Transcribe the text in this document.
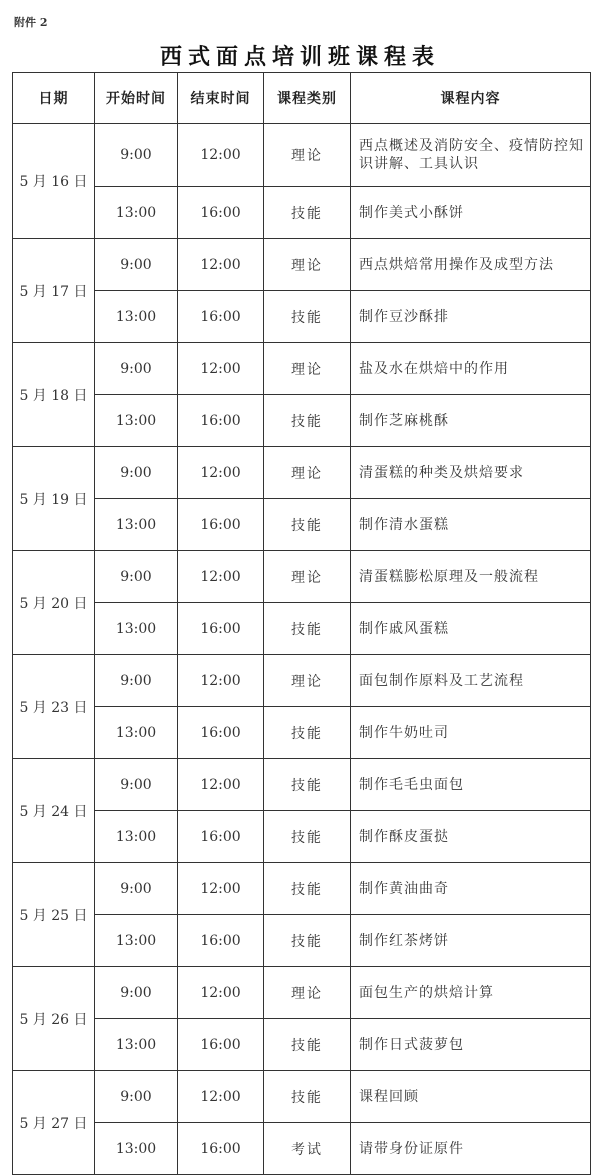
附件 2
西式面点培训班课程表
日期	开始时间	结束时间	课程类别	课程内容
5 月 16 日	9:00	12:00	理论	西点概述及消防安全、疫情防控知识讲解、工具认识
	13:00	16:00	技能	制作美式小酥饼
5 月 17 日	9:00	12:00	理论	西点烘焙常用操作及成型方法
	13:00	16:00	技能	制作豆沙酥排
5 月 18 日	9:00	12:00	理论	盐及水在烘焙中的作用
	13:00	16:00	技能	制作芝麻桃酥
5 月 19 日	9:00	12:00	理论	清蛋糕的种类及烘焙要求
	13:00	16:00	技能	制作清水蛋糕
5 月 20 日	9:00	12:00	理论	清蛋糕膨松原理及一般流程
	13:00	16:00	技能	制作戚风蛋糕
5 月 23 日	9:00	12:00	理论	面包制作原料及工艺流程
	13:00	16:00	技能	制作牛奶吐司
5 月 24 日	9:00	12:00	技能	制作毛毛虫面包
	13:00	16:00	技能	制作酥皮蛋挞
5 月 25 日	9:00	12:00	技能	制作黄油曲奇
	13:00	16:00	技能	制作红茶烤饼
5 月 26 日	9:00	12:00	理论	面包生产的烘焙计算
	13:00	16:00	技能	制作日式菠萝包
5 月 27 日	9:00	12:00	技能	课程回顾
	13:00	16:00	考试	请带身份证原件
